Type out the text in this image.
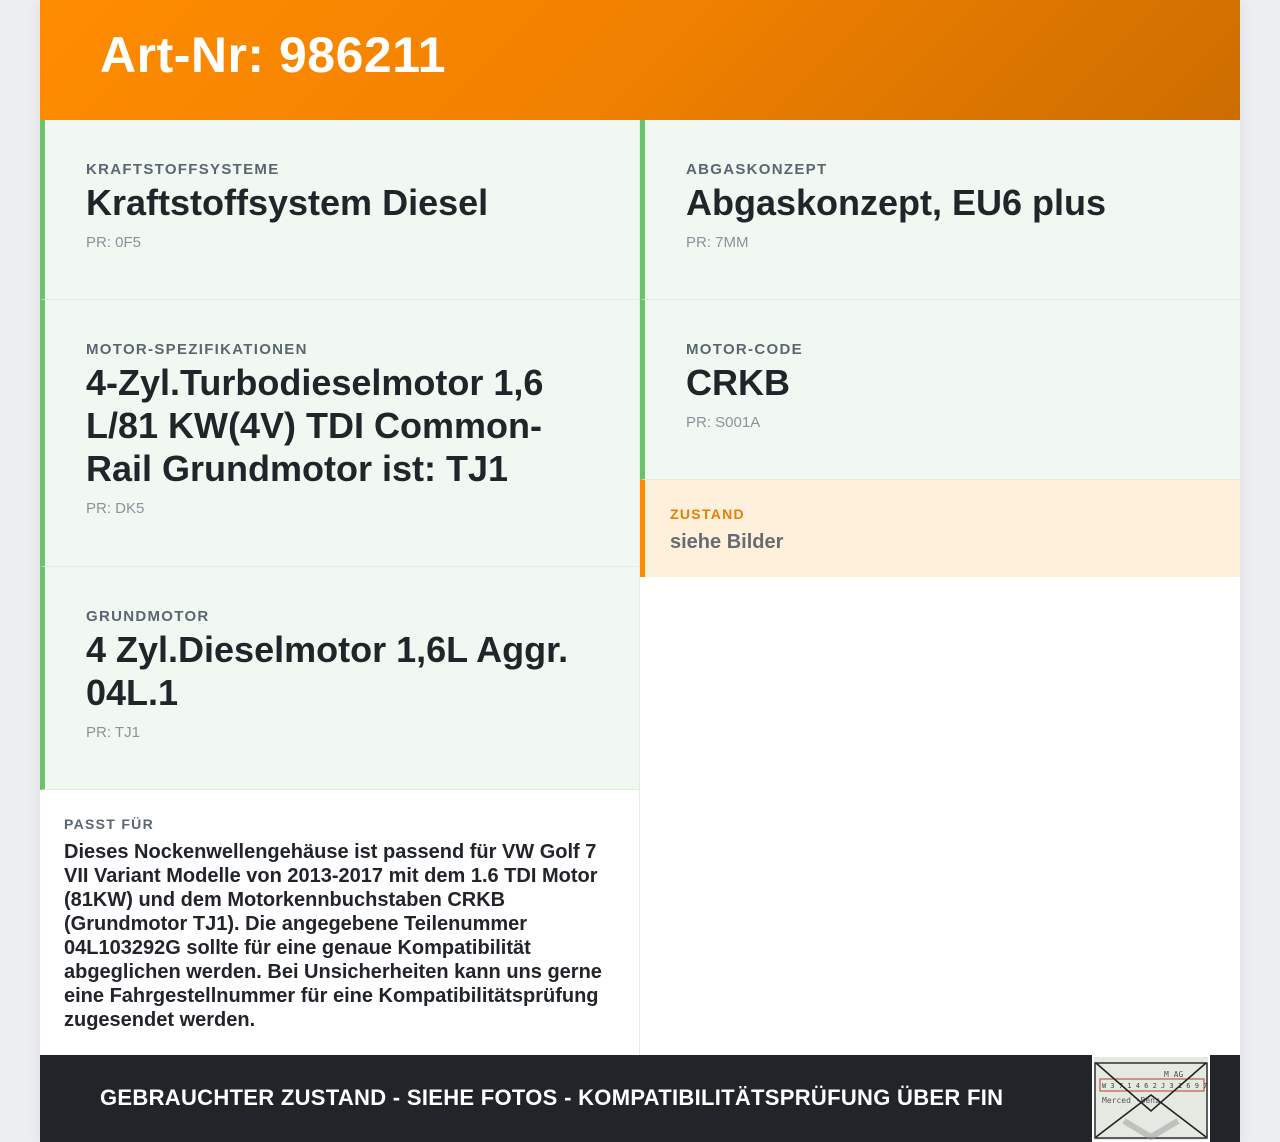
Art-Nr: 986211
KRAFTSTOFFSYSTEME
Kraftstoffsystem Diesel
PR: 0F5
MOTOR-SPEZIFIKATIONEN
4-Zyl.Turbodieselmotor 1,6 L/81 KW(4V) TDI Common-Rail Grundmotor ist: TJ1
PR: DK5
GRUNDMOTOR
4 Zyl.Dieselmotor 1,6L Aggr. 04L.1
PR: TJ1
PASST FÜR
Dieses Nockenwellengehäuse ist passend für VW Golf 7 VII Variant Modelle von 2013-2017 mit dem 1.6 TDI Motor (81KW) und dem Motorkennbuchstaben CRKB (Grundmotor TJ1). Die angegebene Teilenummer 04L103292G sollte für eine genaue Kompatibilität abgeglichen werden. Bei Unsicherheiten kann uns gerne eine Fahrgestellnummer für eine Kompatibilitätsprüfung zugesendet werden.
ABGASKONZEPT
Abgaskonzept, EU6 plus
PR: 7MM
MOTOR-CODE
CRKB
PR: S001A
ZUSTAND
siehe Bilder
GEBRAUCHTER ZUSTAND - SIEHE FOTOS - KOMPATIBILITÄTSPRÜFUNG ÜBER FIN
M AG
W 3 7 1 4 6 2 J 3 1 6 9 7
Merced -Benz
